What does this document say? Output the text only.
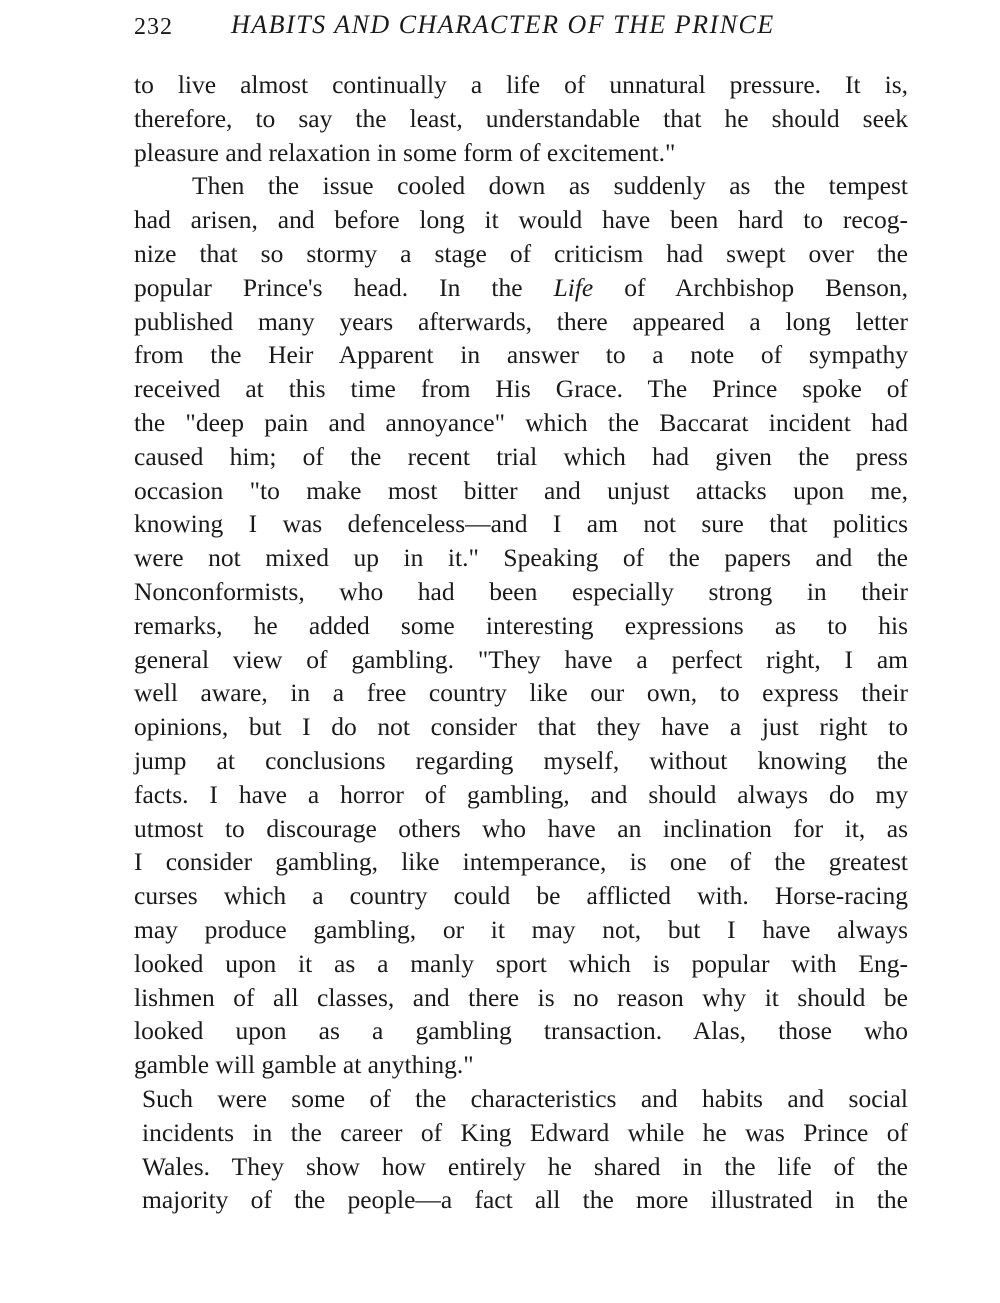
232 HABITS AND CHARACTER OF THE PRINCE
to live almost continually a life of unnatural pressure. It is,
therefore, to say the least, understandable that he should seek
pleasure and relaxation in some form of excitement."
Then the issue cooled down as suddenly as the tempest
had arisen, and before long it would have been hard to recog-
nize that so stormy a stage of criticism had swept over the
popular Prince's head. In the Life of Archbishop Benson,
published many years afterwards, there appeared a long letter
from the Heir Apparent in answer to a note of sympathy
received at this time from His Grace. The Prince spoke of
the "deep pain and annoyance" which the Baccarat incident had
caused him; of the recent trial which had given the press
occasion "to make most bitter and unjust attacks upon me,
knowing I was defenceless—and I am not sure that politics
were not mixed up in it." Speaking of the papers and the
Nonconformists, who had been especially strong in their
remarks, he added some interesting expressions as to his
general view of gambling. "They have a perfect right, I am
well aware, in a free country like our own, to express their
opinions, but I do not consider that they have a just right to
jump at conclusions regarding myself, without knowing the
facts. I have a horror of gambling, and should always do my
utmost to discourage others who have an inclination for it, as
I consider gambling, like intemperance, is one of the greatest
curses which a country could be afflicted with. Horse-racing
may produce gambling, or it may not, but I have always
looked upon it as a manly sport which is popular with Eng-
lishmen of all classes, and there is no reason why it should be
looked upon as a gambling transaction. Alas, those who
gamble will gamble at anything."
Such were some of the characteristics and habits and social
incidents in the career of King Edward while he was Prince of
Wales. They show how entirely he shared in the life of the
majority of the people—a fact all the more illustrated in the
